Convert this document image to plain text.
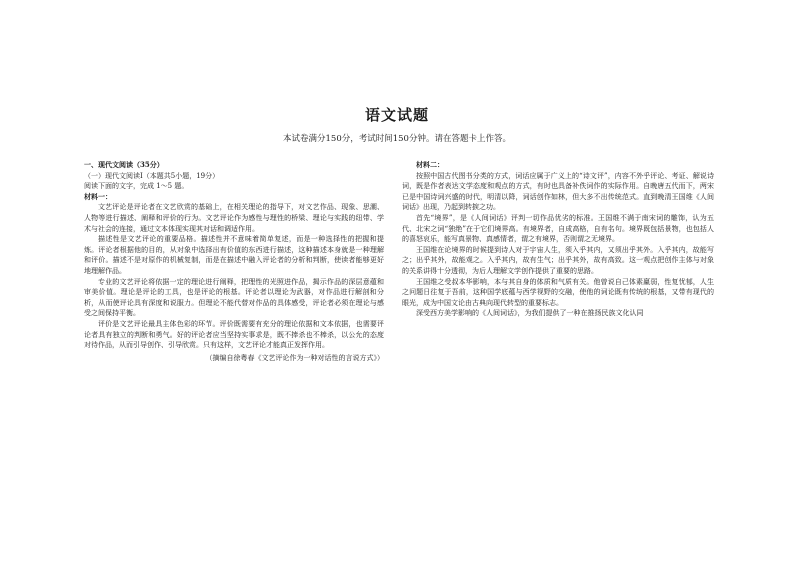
语文试题
本试卷满分150分，考试时间150分钟。请在答题卡上作答。

一、现代文阅读（35分）

（一）现代文阅读Ⅰ（本题共5小题，19分）

阅读下面的文字，完成 1～5 题。

材料一：

文艺评论是评论者在文艺欣赏的基础上，在相关理论的指导下，对文艺作品、现象、思潮、人物等进行描述、阐释和评价的行为。文艺评论作为感性与理性的桥梁、理论与实践的纽带、学术与社会的连接，通过文本体现实现其对话和调适作用。

描述性是文艺评论的重要品格。描述性并不意味着简单复述，而是一种选择性的把握和提炼。评论者根据他的目的，从对象中选择出有价值的东西进行描述，这种描述本身就是一种理解和评价。描述不是对原作的机械复制，而是在描述中融入评论者的分析和判断，使读者能够更好地理解作品。

专业的文艺评论将依据一定的理论进行阐释，把理性的光照进作品，揭示作品的深层意蕴和审美价值。理论是评论的工具，也是评论的根基。评论者以理论为武器，对作品进行解剖和分析，从而使评论具有深度和说服力。但理论不能代替对作品的具体感受，评论者必须在理论与感受之间保持平衡。

评价是文艺评论最具主体色彩的环节。评价既需要有充分的理论依据和文本依据，也需要评论者具有独立的判断和勇气。好的评论者应当坚持实事求是，既不捧杀也不棒杀，以公允的态度对待作品，从而引导创作、引导欣赏。只有这样，文艺评论才能真正发挥作用。

（摘编自徐粤春《文艺评论作为一种对话性的言说方式》）

材料二：

按照中国古代图书分类的方式，词话应属于广义上的“诗文评”，内容不外乎评论、考证、解说诗词，既是作者表达文学态度和观点的方式，有时也具备补佚词作的实际作用。自晚唐五代而下，两宋已是中国诗词兴盛的时代，明清以降，词话创作如林，但大多不出传统范式。直到晚清王国维《人间词话》出现，乃起到转捩之功。

首先“境界”，是《人间词话》评判一切作品优劣的标准。王国维不满于南宋词的雕饰，认为五代、北宋之词“独绝”在于它们境界高。有境界者，自成高格，自有名句。境界既包括景物，也包括人的喜怒哀乐，能写真景物、真感情者，谓之有境界，否则谓之无境界。

王国维在论境界的时候提到诗人对于宇宙人生，须入乎其内，又须出乎其外。入乎其内，故能写之；出乎其外，故能观之。入乎其内，故有生气；出乎其外，故有高致。这一观点把创作主体与对象的关系讲得十分透彻，为后人理解文学创作提供了重要的思路。

王国维之受叔本华影响，本与其自身的体质和气质有关。他曾说自己体素羸弱，性复忧郁，人生之问题日往复于吾前，这种国学底蕴与西学视野的交融，使他的词论既有传统的根基，又带有现代的眼光，成为中国文论由古典向现代转型的重要标志。

深受西方美学影响的《人间词话》，为我们提供了一种在推扬民族文化认同
